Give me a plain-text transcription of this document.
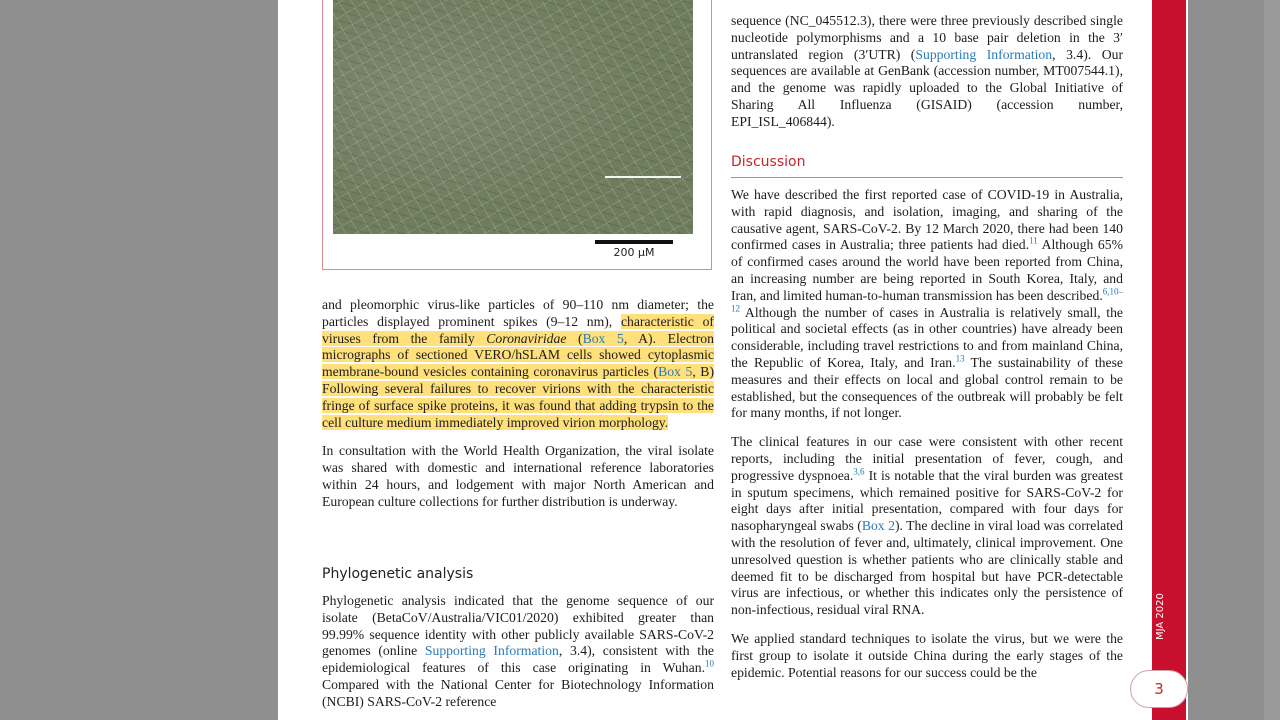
200 μM

and pleomorphic virus-like particles of 90–110 nm diameter; the particles displayed prominent spikes (9–12 nm), characteristic of viruses from the family Coronaviridae (Box 5, A). Electron micrographs of sectioned VERO/hSLAM cells showed cytoplasmic membrane-bound vesicles containing coronavirus particles (Box 5, B) Following several failures to recover virions with the characteristic fringe of surface spike proteins, it was found that adding trypsin to the cell culture medium immediately improved virion morphology.

In consultation with the World Health Organization, the viral isolate was shared with domestic and international reference laboratories within 24 hours, and lodgement with major North American and European culture collections for further distribution is underway.

Phylogenetic analysis

Phylogenetic analysis indicated that the genome sequence of our isolate (BetaCoV/Australia/VIC01/2020) exhibited greater than 99.99% sequence identity with other publicly available SARS-CoV-2 genomes (online Supporting Information, 3.4), consistent with the epidemiological features of this case originating in Wuhan.$^{10}$ Compared with the National Center for Biotechnology Information (NCBI) SARS-CoV-2 reference

sequence (NC_045512.3), there were three previously described single nucleotide polymorphisms and a 10 base pair deletion in the 3′ untranslated region (3′UTR) (Supporting Information, 3.4). Our sequences are available at GenBank (accession number, MT007544.1), and the genome was rapidly uploaded to the Global Initiative of Sharing All Influenza (GISAID) (accession number, EPI_ISL_406844).

Discussion

We have described the first reported case of COVID-19 in Australia, with rapid diagnosis, and isolation, imaging, and sharing of the causative agent, SARS-CoV-2. By 12 March 2020, there had been 140 confirmed cases in Australia; three patients had died.$^{11}$ Although 65% of confirmed cases around the world have been reported from China, an increasing number are being reported in South Korea, Italy, and Iran, and limited human-to-human transmission has been described.$^{6,10-12}$ Although the number of cases in Australia is relatively small, the political and societal effects (as in other countries) have already been considerable, including travel restrictions to and from mainland China, the Republic of Korea, Italy, and Iran.$^{13}$ The sustainability of these measures and their effects on local and global control remain to be established, but the consequences of the outbreak will probably be felt for many months, if not longer.

The clinical features in our case were consistent with other recent reports, including the initial presentation of fever, cough, and progressive dyspnoea.$^{3,6}$ It is notable that the viral burden was greatest in sputum specimens, which remained positive for SARS-CoV-2 for eight days after initial presentation, compared with four days for nasopharyngeal swabs (Box 2). The decline in viral load was correlated with the resolution of fever and, ultimately, clinical improvement. One unresolved question is whether patients who are clinically stable and deemed fit to be discharged from hospital but have PCR-detectable virus are infectious, or whether this indicates only the persistence of non-infectious, residual viral RNA.

We applied standard techniques to isolate the virus, but we were the first group to isolate it outside China during the early stages of the epidemic. Potential reasons for our success could be the

MJA 2020
3
